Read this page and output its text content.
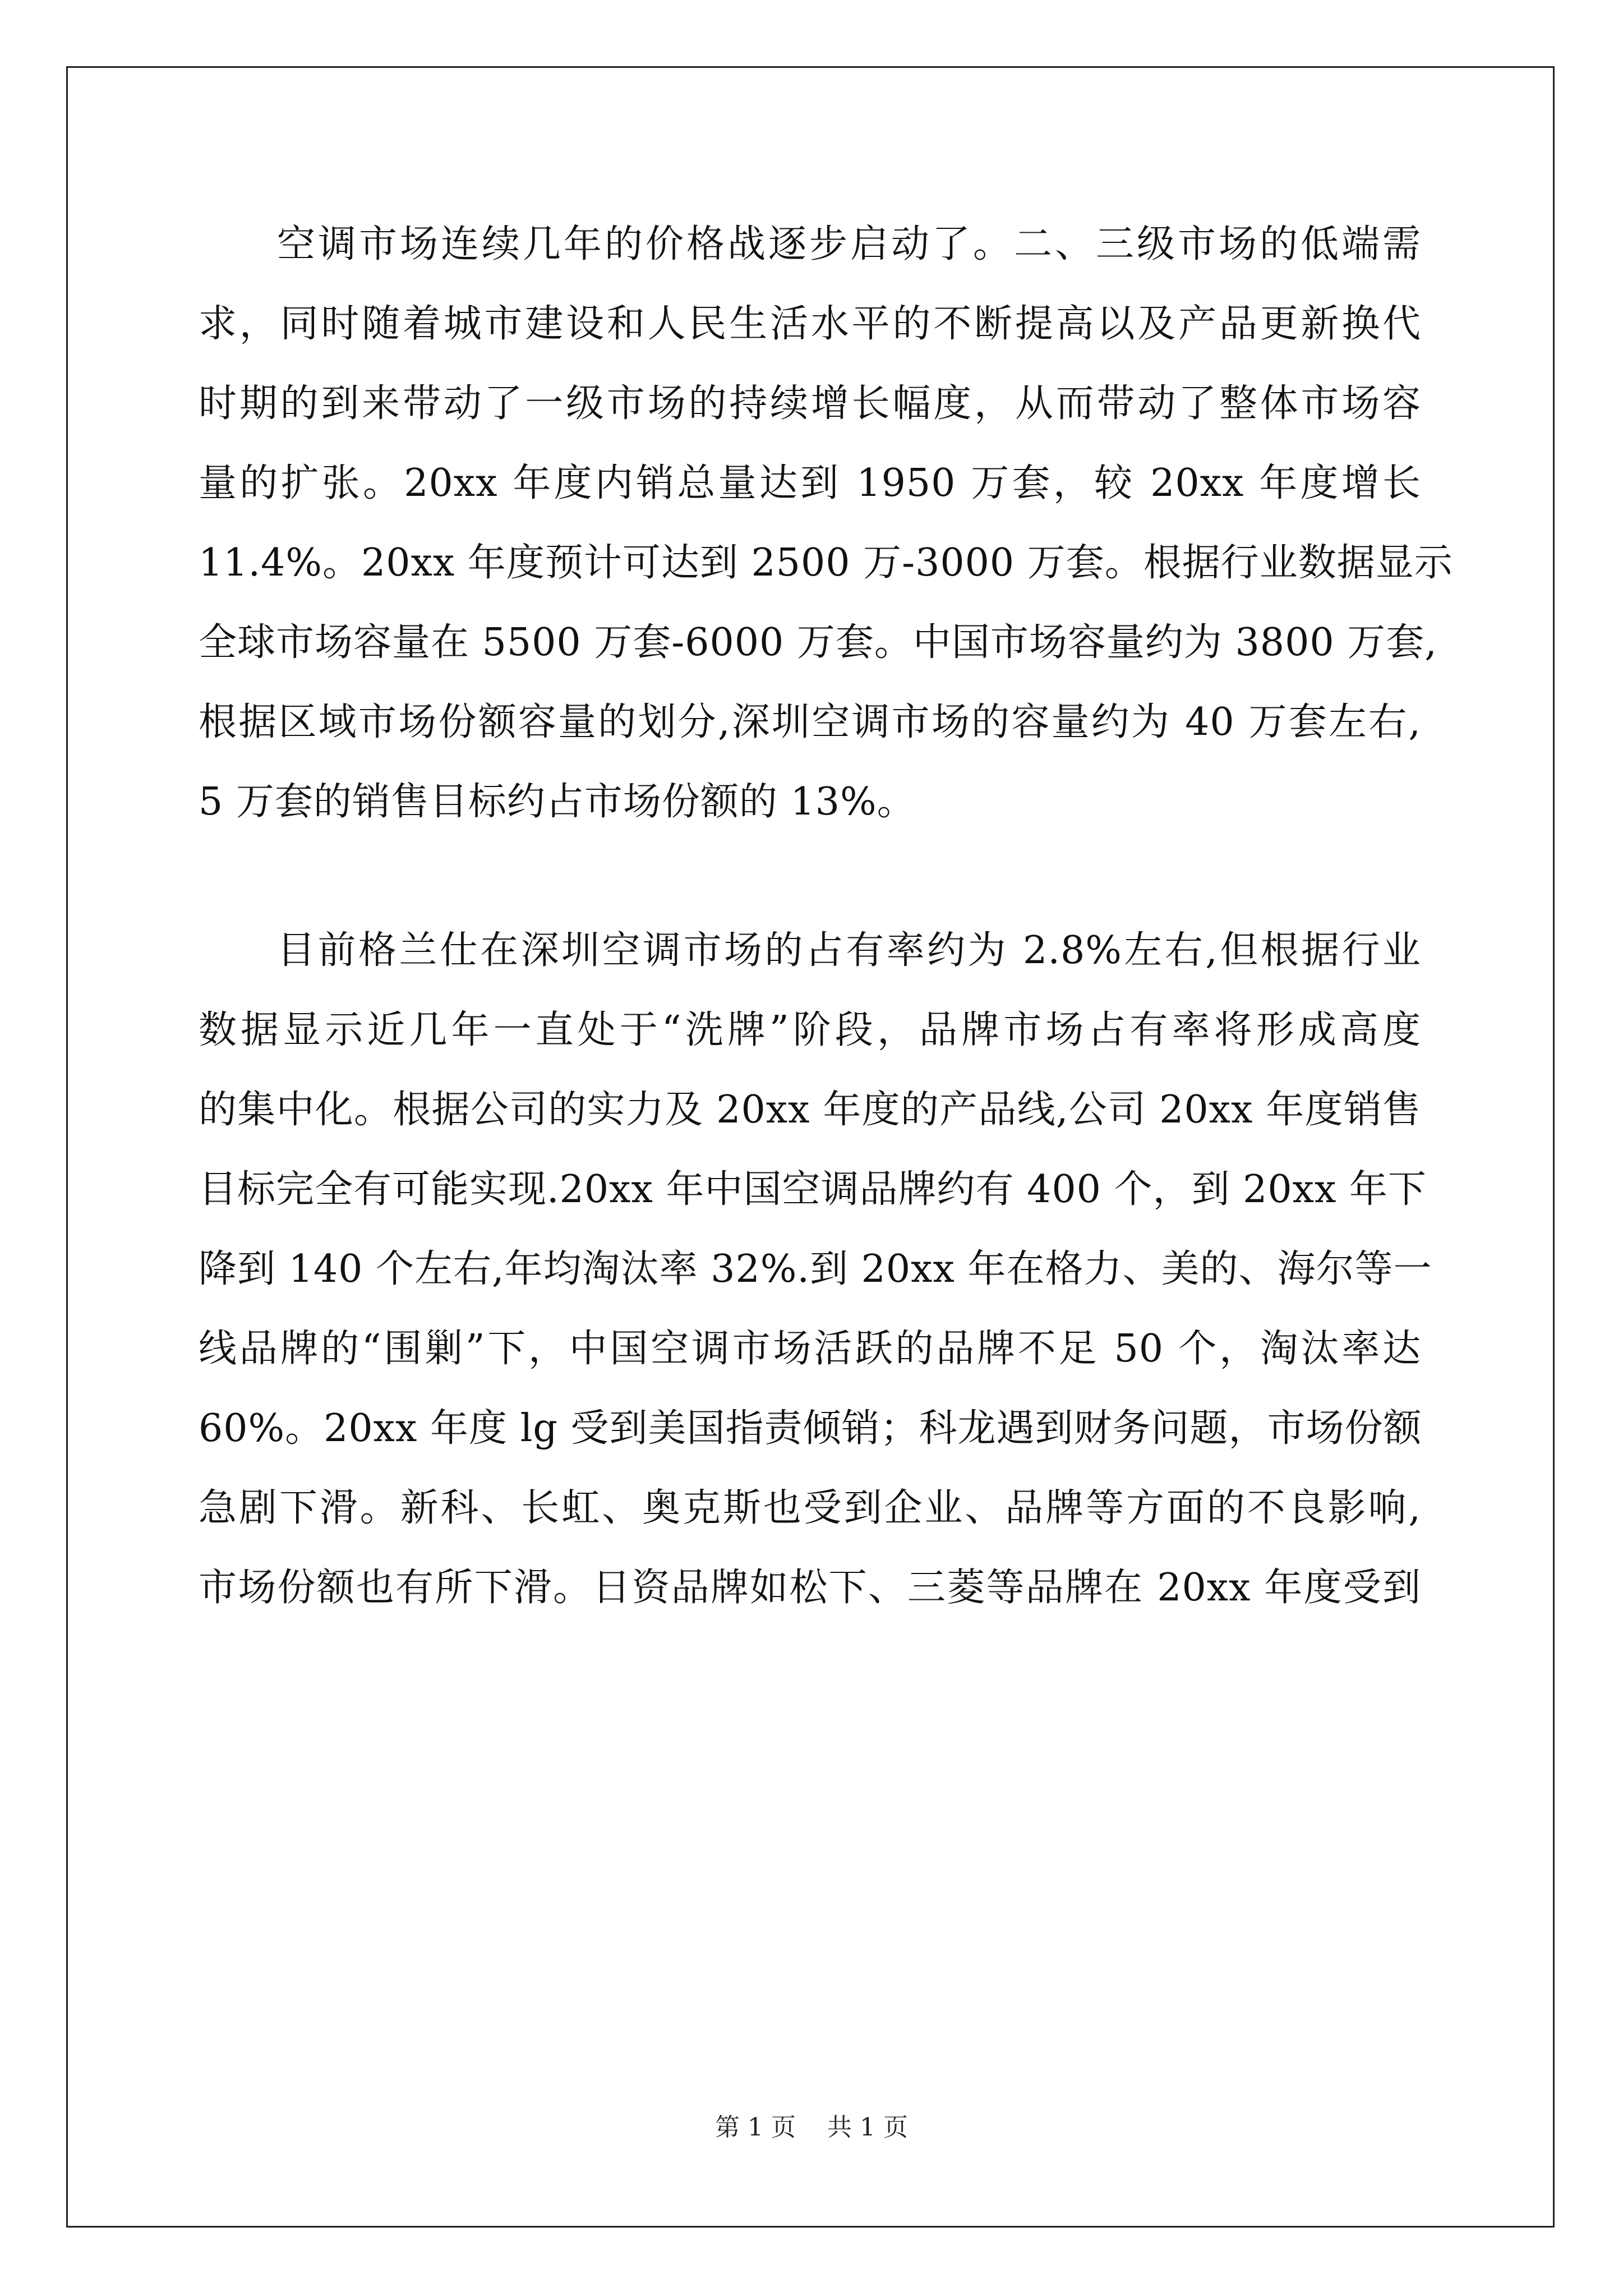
空调市场连续几年的价格战逐步启动了。二、三级市场的低端需
求，同时随着城市建设和人民生活水平的不断提高以及产品更新换代
时期的到来带动了一级市场的持续增长幅度，从而带动了整体市场容
量的扩张。20xx 年度内销总量达到 1950 万套，较 20xx 年度增长
11.4%。20xx 年度预计可达到 2500 万-3000 万套。根据行业数据显示
全球市场容量在 5500 万套-6000 万套。中国市场容量约为 3800 万套,
根据区域市场份额容量的划分,深圳空调市场的容量约为 40 万套左右,
5 万套的销售目标约占市场份额的 13%。
目前格兰仕在深圳空调市场的占有率约为 2.8%左右,但根据行业
数据显示近几年一直处于“洗牌”阶段，品牌市场占有率将形成高度
的集中化。根据公司的实力及 20xx 年度的产品线,公司 20xx 年度销售
目标完全有可能实现.20xx 年中国空调品牌约有 400 个，到 20xx 年下
降到 140 个左右,年均淘汰率 32%.到 20xx 年在格力、美的、海尔等一
线品牌的“围剿”下，中国空调市场活跃的品牌不足 50 个，淘汰率达
60%。20xx 年度 lg 受到美国指责倾销；科龙遇到财务问题，市场份额
急剧下滑。新科、长虹、奥克斯也受到企业、品牌等方面的不良影响,
市场份额也有所下滑。日资品牌如松下、三菱等品牌在 20xx 年度受到
第 1 页 共 1 页
